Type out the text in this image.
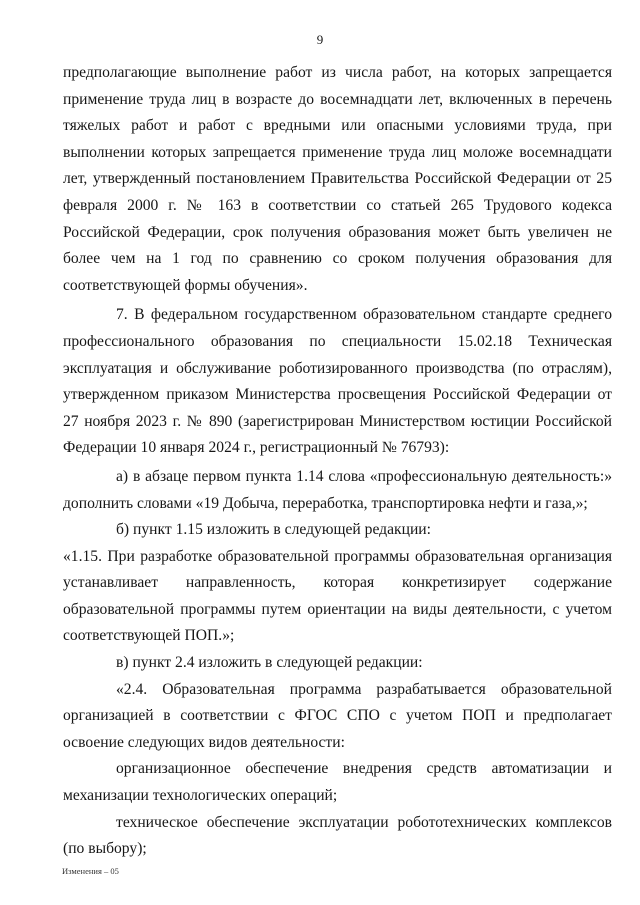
9

предполагающие выполнение работ из числа работ, на которых запрещается применение труда лиц в возрасте до восемнадцати лет, включенных в перечень тяжелых работ и работ с вредными или опасными условиями труда, при выполнении которых запрещается применение труда лиц моложе восемнадцати лет, утвержденный постановлением Правительства Российской Федерации от 25 февраля 2000 г. № 163 в соответствии со статьей 265 Трудового кодекса Российской Федерации, срок получения образования может быть увеличен не более чем на 1 год по сравнению со сроком получения образования для соответствующей формы обучения».

7. В федеральном государственном образовательном стандарте среднего профессионального образования по специальности 15.02.18 Техническая эксплуатация и обслуживание роботизированного производства (по отраслям), утвержденном приказом Министерства просвещения Российской Федерации от 27 ноября 2023 г. № 890 (зарегистрирован Министерством юстиции Российской Федерации 10 января 2024 г., регистрационный № 76793):

а) в абзаце первом пункта 1.14 слова «профессиональную деятельность:» дополнить словами «19 Добыча, переработка, транспортировка нефти и газа,»;

б) пункт 1.15 изложить в следующей редакции:

«1.15. При разработке образовательной программы образовательная организация устанавливает направленность, которая конкретизирует содержание образовательной программы путем ориентации на виды деятельности, с учетом соответствующей ПОП.»;

в) пункт 2.4 изложить в следующей редакции:

«2.4. Образовательная программа разрабатывается образовательной организацией в соответствии с ФГОС СПО с учетом ПОП и предполагает освоение следующих видов деятельности:

организационное обеспечение внедрения средств автоматизации и механизации технологических операций;

техническое обеспечение эксплуатации робототехнических комплексов (по выбору);

Изменения – 05
